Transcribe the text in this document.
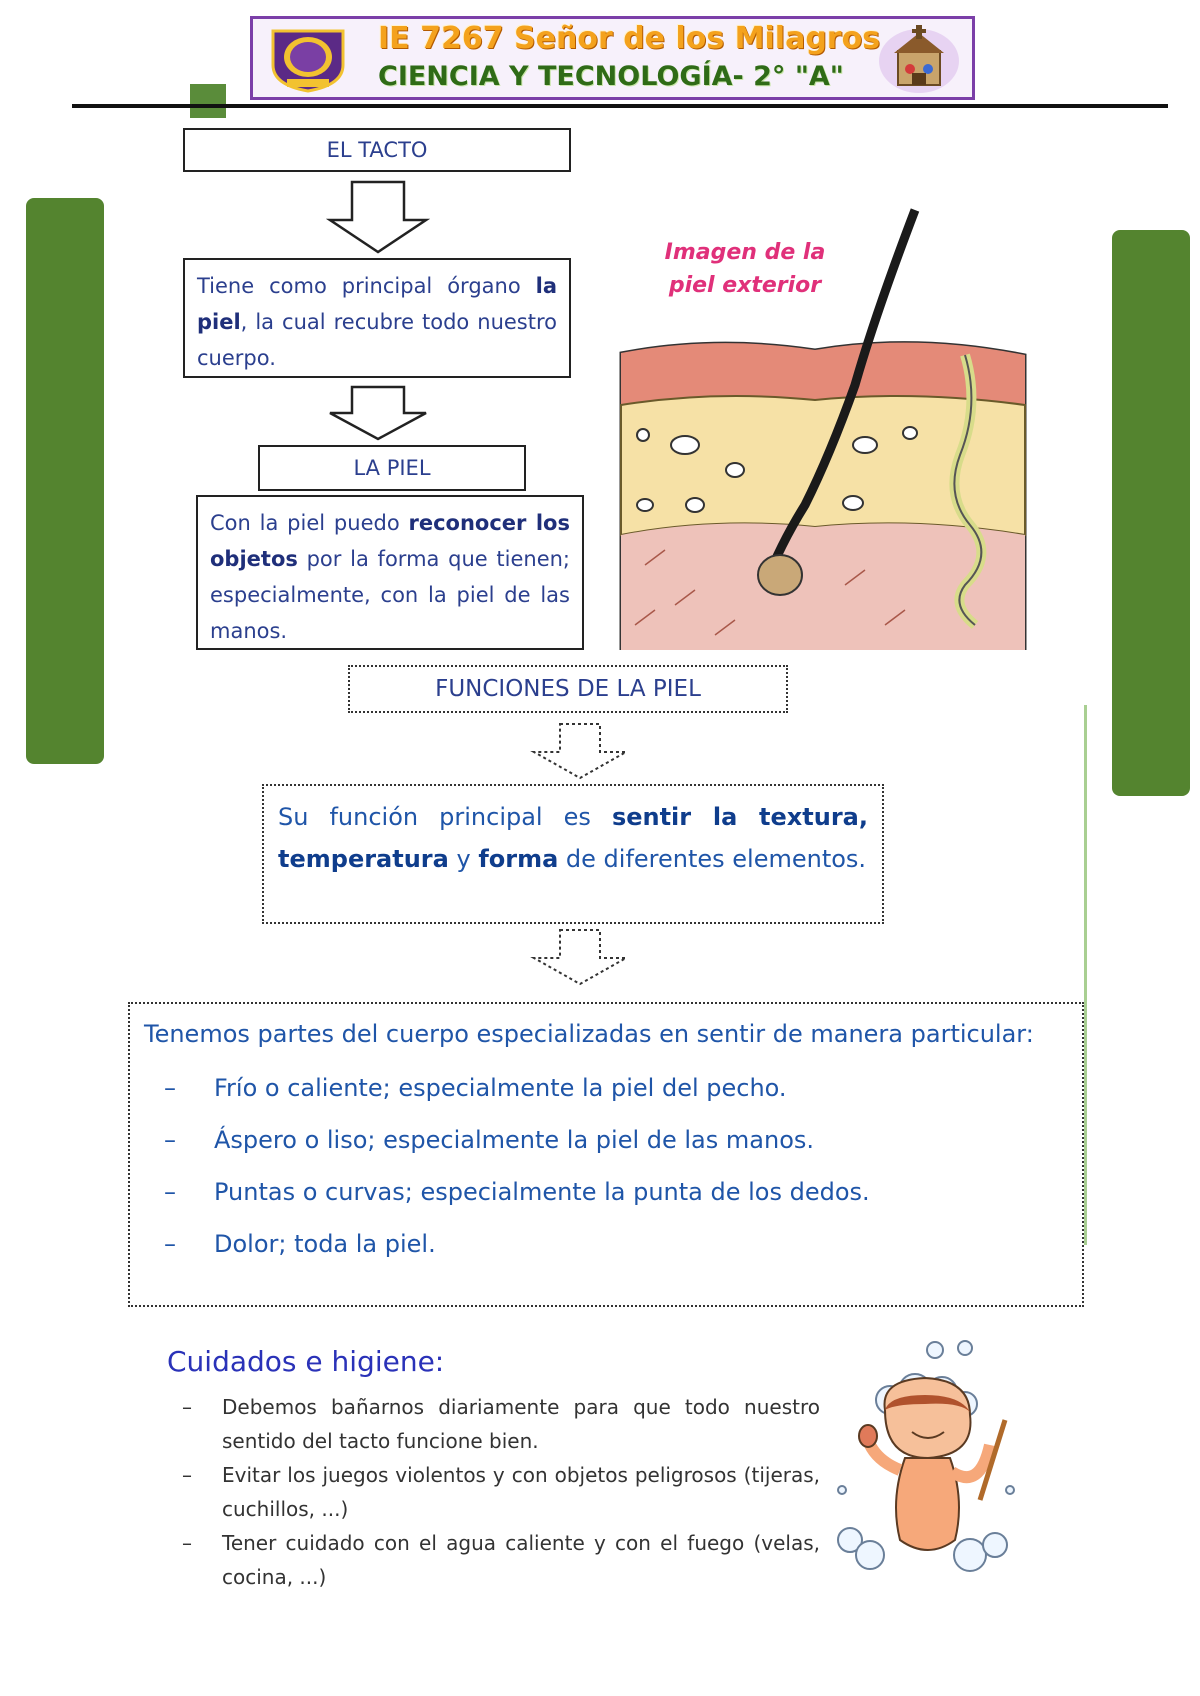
IE 7267 Señor de los Milagros
CIENCIA Y TECNOLOGÍA- 2° "A"
EL TACTO
Tiene como principal órgano la piel, la cual recubre todo nuestro cuerpo.
LA PIEL
Con la piel puedo reconocer los objetos por la forma que tienen; especialmente, con la piel de las manos.
Imagen de la piel exterior
FUNCIONES DE LA PIEL
Su función principal es sentir la textura, temperatura y forma de diferentes elementos.
Tenemos partes del cuerpo especializadas en sentir de manera particular:
– Frío o caliente; especialmente la piel del pecho.
– Áspero o liso; especialmente la piel de las manos.
– Puntas o curvas; especialmente la punta de los dedos.
– Dolor; toda la piel.
Cuidados e higiene:
– Debemos bañarnos diariamente para que todo nuestro sentido del tacto funcione bien.
– Evitar los juegos violentos y con objetos peligrosos (tijeras, cuchillos, ...)
– Tener cuidado con el agua caliente y con el fuego (velas, cocina, ...)
